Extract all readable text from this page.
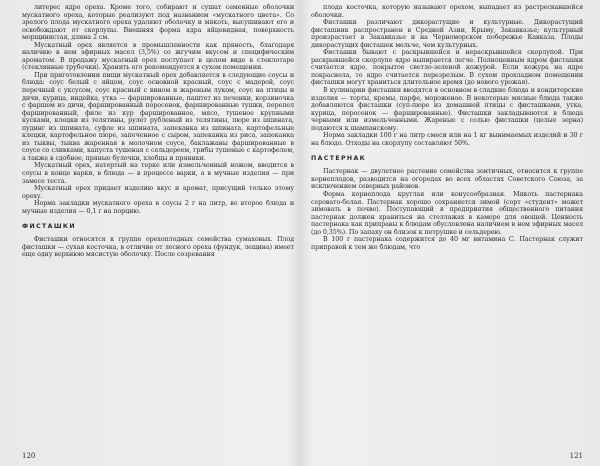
литерес ядро ореха. Кроме того, собирают и сушат семенные оболочки мускатного ореха, которые реализуют под названием «мускатного цвета». Со зрелого плода мускатного ореха удаляют оболочку и мякоть, высушивают его и освобождают от скорлупы. Внешняя форма ядра яйцевидная, поверхность морщинистая, длина 2 см.

Мускатный орех является в промышленности как пряность, благодаря наличию в нем эфирных масел (3,5%) со жгучим вкусом и специфическим ароматом. В продажу мускатный орех поступает в целом виде в стеклотаре (стеклянные трубочки). Хранить его рекомендуется в сухом помещении.

При приготовлении пищи мускатный орех добавляется в следующие соусы и блюда: соус белый с яйцом, соус основной красный, соус с мадерой, соус перечный с уксусом, соус красный с вином и жареным луком, соус на птицы и дичи, курица, индейка, утка — фаршированные, паштет из печенки, корзиночка с фаршем из дичи, фаршированный поросенок, фаршированные тушки, перепел фаршированный, филе из кур фаршированное, мясо, тушеное крупными кусками, клецки из телятины, рулет рубленый из телятины, пюре из шпината, пудинг из шпината, суфле из шпината, запеканка из шпината, картофельные клецки, картофельное пюре, запеченное с сыром, запеканка из риса, запеканка из тыквы, тыква жаренная в молочном соусе, баклажаны фаршированные в соусе со сливками, капуста тушеная с сельдереем, грибы тушеные с картофелем, а также в сдобное, пряные булочки, хлебцы и пряники.

Мускатный орех, натертый на терке или измельченный ножом, вводится в соусы в конце варки, в блюда — в процессе варки, а в мучные изделия — при замесе теста.

Мускатный орех придает изделию вкус и аромат, присущий только этому ореху.

Норма закладки мускатного ореха в соусы 2 г на литр, во второе блюда и мучные изделия — 0,1 г на порцию.

ФИСТАШКИ

Фисташки относятся к группе орехоплодных семейства сумаховых. Плод фисташки — сухая косточка, в отличие от лесного ореха (фундук, лещина) имеет еще одну верхнюю мясистую оболочку. После созревания

120

плода косточка, которую называют орехом, выпадает из растрескавшейся оболочки.

Фисташки различают дикорастущие и культурные. Дикорастущий фисташник распространен в Средней Азии, Крыму, Закавказье; культурный произрастает в Закавказье и на Черноморском побережье Кавказа. Плоды дикорастущих фисташек мельче, чем культурных.

Фисташки бывают с раскрывшейся и нераскрывшейся скорлупой. При раскрывшейся скорлупе ядро выпирается легче. Полноценным ядром фисташки считается ядро, покрытое светло-зеленой кожурой. Если кожура на ядре покраснела, то ядро считается перезрелым. В сухом прохладном помещении фисташки могут храниться длительное время (до нового урожая).

В кулинарии фисташки вводятся в основном в сладкие блюда и кондитерские изделия — торты, кремы, парфе, мороженое. В некоторые мясные блюда также добавляются фисташки (суп-пюре из домашней птицы с фисташками, утка, курица, поросенок — фаршированные). Фисташки закладываются в блюда черными или измельченными. Жареные с солью фисташки (целые зерна) подаются к шампанскому.

Норма закладки 100 г на литр смеси или на 1 кг вынимаемых изделий и 30 г на блюдо. Отходы на скорлупу составляют 50%.

ПАСТЕРНАК

Пастернак — двулетнее растение семейства зонтичных, относится к группе корнеплодов, разводится на огородах во всех областях Советского Союза, за исключением северных районов.

Форма корнеплода круглая или конусообразная. Мякоть пастернака серовато-белая. Пастернак хорошо сохраняется зимой (сорт «студент» может зимовать в почве). Поступающий в предприятия общественного питания пастернак должен храниться на стеллажах в камере для овощей. Ценность пастернака как приправы к блюдам обусловлена наличием в нем эфирных масел (до 0,35%). По запаху он близок к петрушке и сельдерею.

В 100 г пастернака содержится до 40 мг витамина С. Пастернак служит приправой к тем же блюдам, что

121
